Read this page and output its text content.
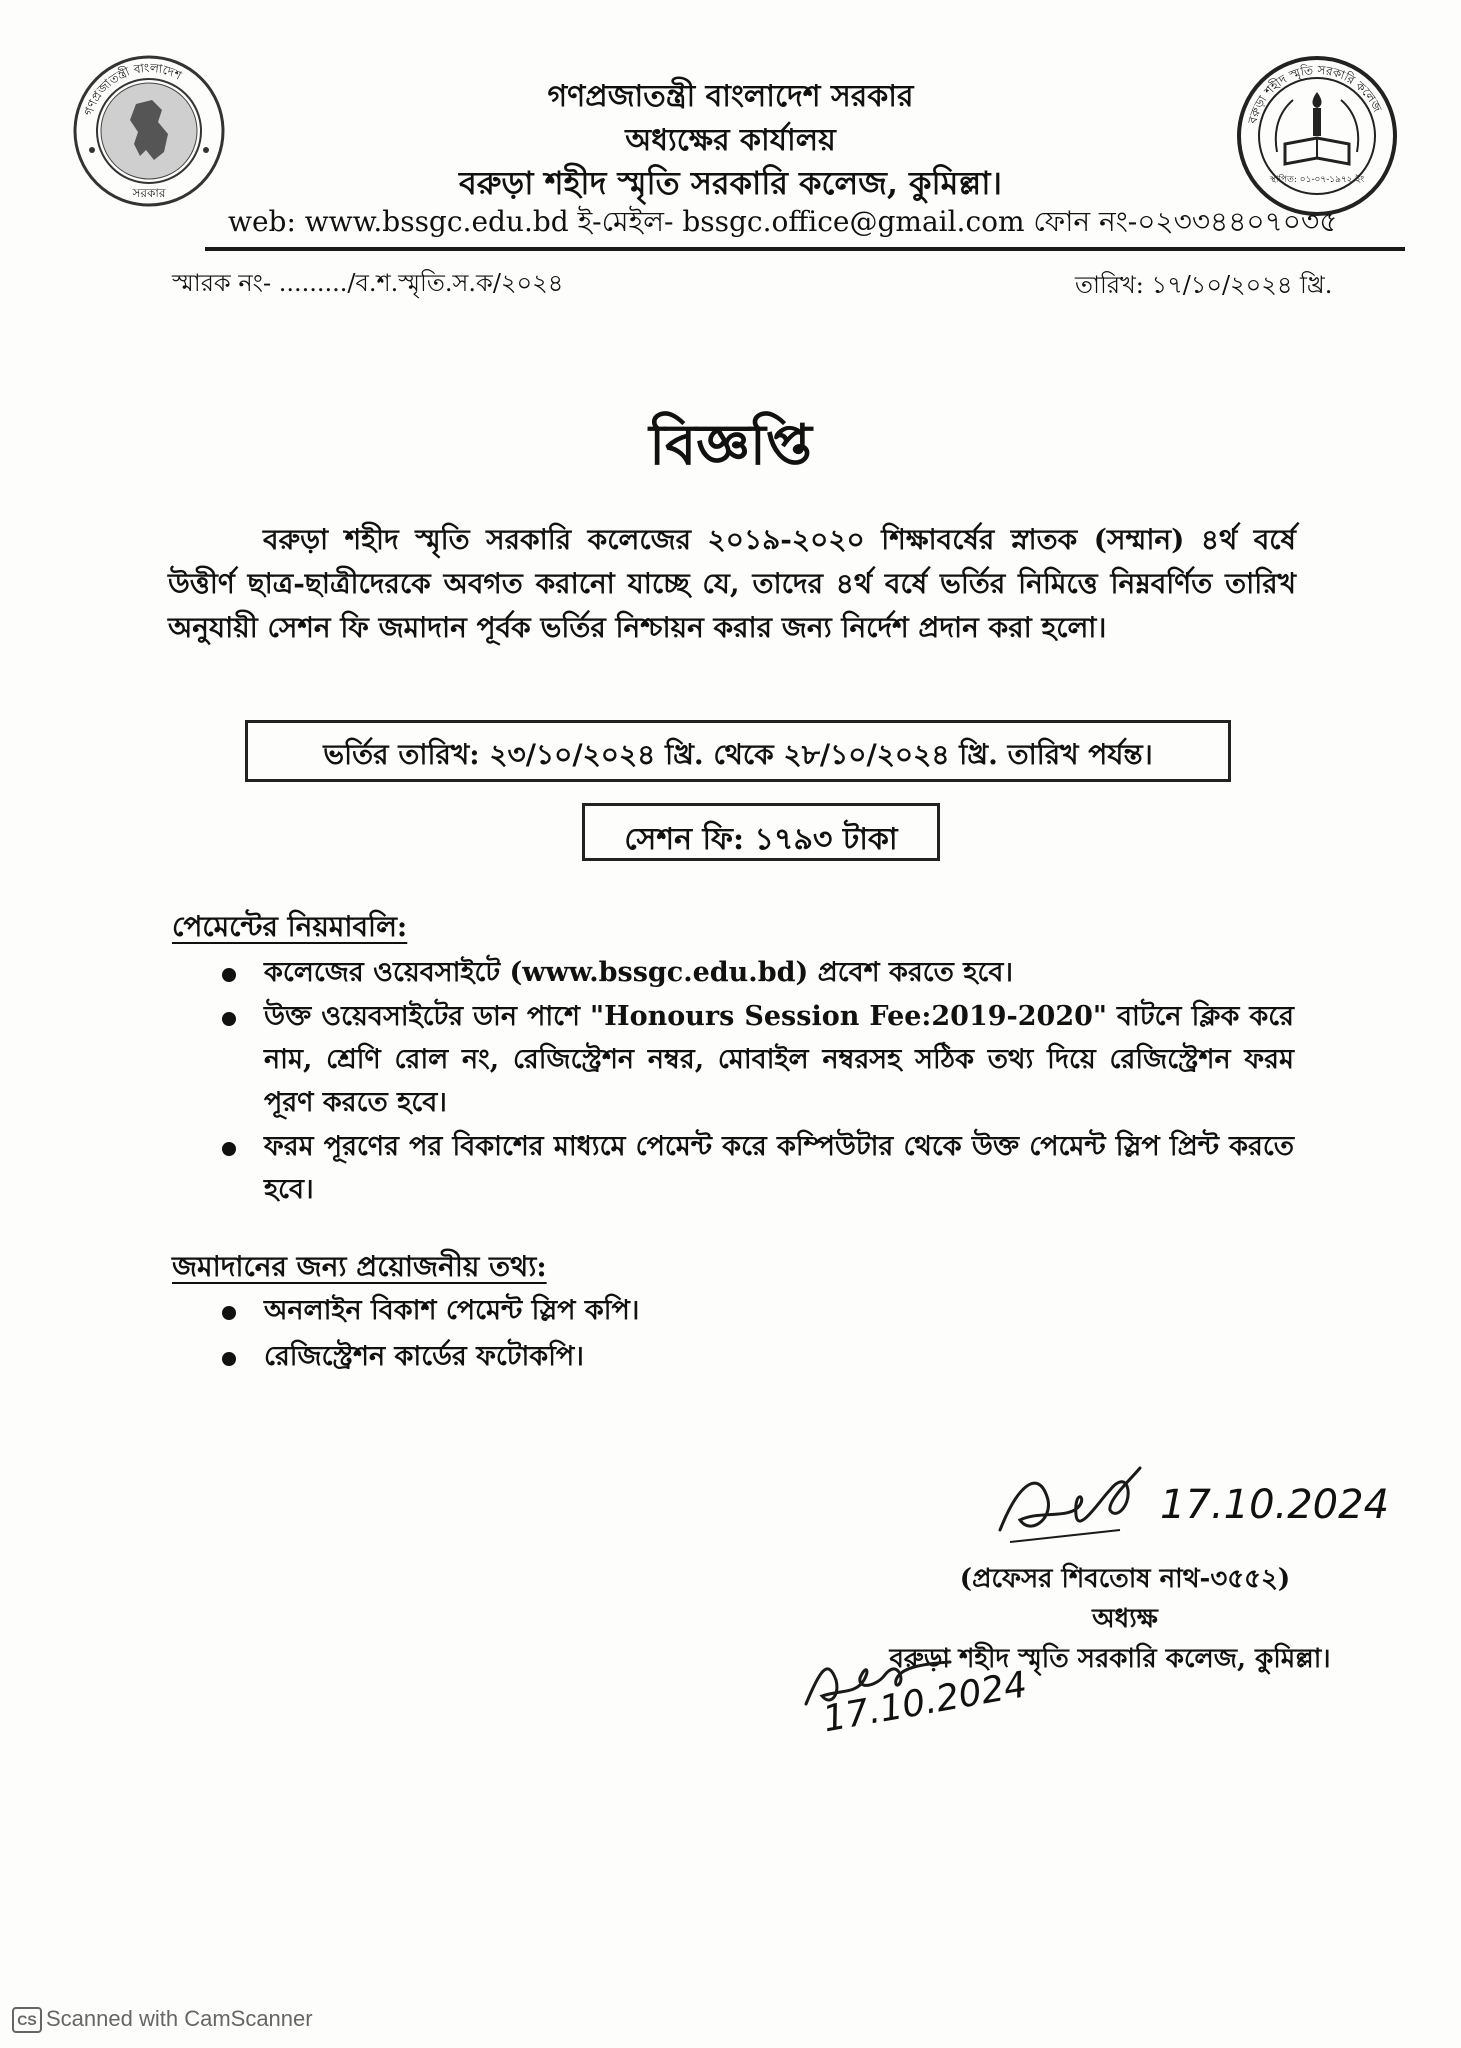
গণপ্রজাতন্ত্রী বাংলাদেশ
সরকার
বরুড়া শহীদ স্মৃতি সরকারি কলেজ
স্থাপিত: ০১-০৭-১৯৭২ ইং
গণপ্রজাতন্ত্রী বাংলাদেশ সরকার
অধ্যক্ষের কার্যালয়
বরুড়া শহীদ স্মৃতি সরকারি কলেজ, কুমিল্লা।
web: www.bssgc.edu.bd ই-মেইল- bssgc.office@gmail.com ফোন নং-০২৩৩৪৪০৭০৩৫
স্মারক নং- ........./ব.শ.স্মৃতি.স.ক/২০২৪	তারিখ: ১৭/১০/২০২৪ খ্রি.
বিজ্ঞপ্তি
বরুড়া শহীদ স্মৃতি সরকারি কলেজের ২০১৯-২০২০ শিক্ষাবর্ষের স্নাতক (সম্মান) ৪র্থ বর্ষে উত্তীর্ণ ছাত্র-ছাত্রীদেরকে অবগত করানো যাচ্ছে যে, তাদের ৪র্থ বর্ষে ভর্তির নিমিত্তে নিম্নবর্ণিত তারিখ অনুযায়ী সেশন ফি জমাদান পূর্বক ভর্তির নিশ্চায়ন করার জন্য নির্দেশ প্রদান করা হলো।
ভর্তির তারিখ: ২৩/১০/২০২৪ খ্রি. থেকে ২৮/১০/২০২৪ খ্রি. তারিখ পর্যন্ত।
সেশন ফি: ১৭৯৩ টাকা
পেমেন্টের নিয়মাবলি:
কলেজের ওয়েবসাইটে (www.bssgc.edu.bd) প্রবেশ করতে হবে।
উক্ত ওয়েবসাইটের ডান পাশে "Honours Session Fee:2019-2020" বাটনে ক্লিক করে নাম, শ্রেণি রোল নং, রেজিস্ট্রেশন নম্বর, মোবাইল নম্বরসহ সঠিক তথ্য দিয়ে রেজিস্ট্রেশন ফরম পূরণ করতে হবে।
ফরম পূরণের পর বিকাশের মাধ্যমে পেমেন্ট করে কম্পিউটার থেকে উক্ত পেমেন্ট স্লিপ প্রিন্ট করতে হবে।
জমাদানের জন্য প্রয়োজনীয় তথ্য:
অনলাইন বিকাশ পেমেন্ট স্লিপ কপি।
রেজিস্ট্রেশন কার্ডের ফটোকপি।
17.10.2024
(প্রফেসর শিবতোষ নাথ-৩৫৫২)
অধ্যক্ষ
বরুড়া শহীদ স্মৃতি সরকারি কলেজ, কুমিল্লা।
17.10.2024
CS Scanned with CamScanner
